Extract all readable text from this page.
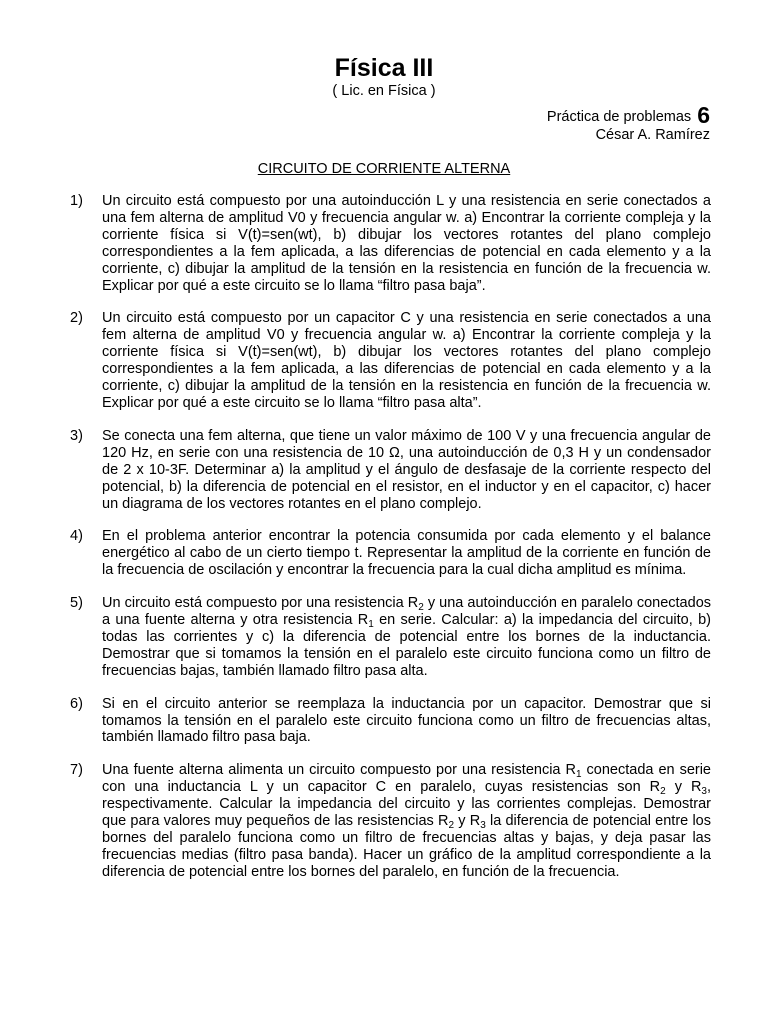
Física III
( Lic. en Física )
Práctica de problemas 6
César A. Ramírez
CIRCUITO DE CORRIENTE ALTERNA
1)	Un circuito está compuesto por una autoinducción L y una resistencia en serie conectados a una fem alterna de amplitud V0 y frecuencia angular w. a) Encontrar la corriente compleja y la corriente física si V(t)=sen(wt), b) dibujar los vectores rotantes del plano complejo correspondientes a la fem aplicada, a las diferencias de potencial en cada elemento y a la corriente, c) dibujar la amplitud de la tensión en la resistencia en función de la frecuencia w. Explicar por qué a este circuito se lo llama “filtro pasa baja”.
2)	Un circuito está compuesto por un capacitor C y una resistencia en serie conectados a una fem alterna de amplitud V0 y frecuencia angular w. a) Encontrar la corriente compleja y la corriente física si V(t)=sen(wt), b) dibujar los vectores rotantes del plano complejo correspondientes a la fem aplicada, a las diferencias de potencial en cada elemento y a la corriente, c) dibujar la amplitud de la tensión en la resistencia en función de la frecuencia w. Explicar por qué a este circuito se lo llama “filtro pasa alta”.
3)	Se conecta una fem alterna, que tiene un valor máximo de 100 V y una frecuencia angular de 120 Hz, en serie con una resistencia de 10 Ω, una autoinducción de 0,3 H y un condensador de 2 x 10-3F. Determinar a) la amplitud y el ángulo de desfasaje de la corriente respecto del potencial, b) la diferencia de potencial en el resistor, en el inductor y en el capacitor, c) hacer un diagrama de los vectores rotantes en el plano complejo.
4)	En el problema anterior encontrar la potencia consumida por cada elemento y el balance energético al cabo de un cierto tiempo t. Representar la amplitud de la corriente en función de la frecuencia de oscilación y encontrar la frecuencia para la cual dicha amplitud es mínima.
5)	Un circuito está compuesto por una resistencia $R_2$ y una autoinducción en paralelo conectados a una fuente alterna y otra resistencia $R_1$ en serie. Calcular: a) la impedancia del circuito, b) todas las corrientes y c) la diferencia de potencial entre los bornes de la inductancia. Demostrar que si tomamos la tensión en el paralelo este circuito funciona como un filtro de frecuencias bajas, también llamado filtro pasa alta.
6)	Si en el circuito anterior se reemplaza la inductancia por un capacitor. Demostrar que si tomamos la tensión en el paralelo este circuito funciona como un filtro de frecuencias altas, también llamado filtro pasa baja.
7)	Una fuente alterna alimenta un circuito compuesto por una resistencia $R_1$ conectada en serie con una inductancia L y un capacitor C en paralelo, cuyas resistencias son $R_2$ y $R_3$, respectivamente. Calcular la impedancia del circuito y las corrientes complejas. Demostrar que para valores muy pequeños de las resistencias $R_2$ y $R_3$ la diferencia de potencial entre los bornes del paralelo funciona como un filtro de frecuencias altas y bajas, y deja pasar las frecuencias medias (filtro pasa banda). Hacer un gráfico de la amplitud correspondiente a la diferencia de potencial entre los bornes del paralelo, en función de la frecuencia.
